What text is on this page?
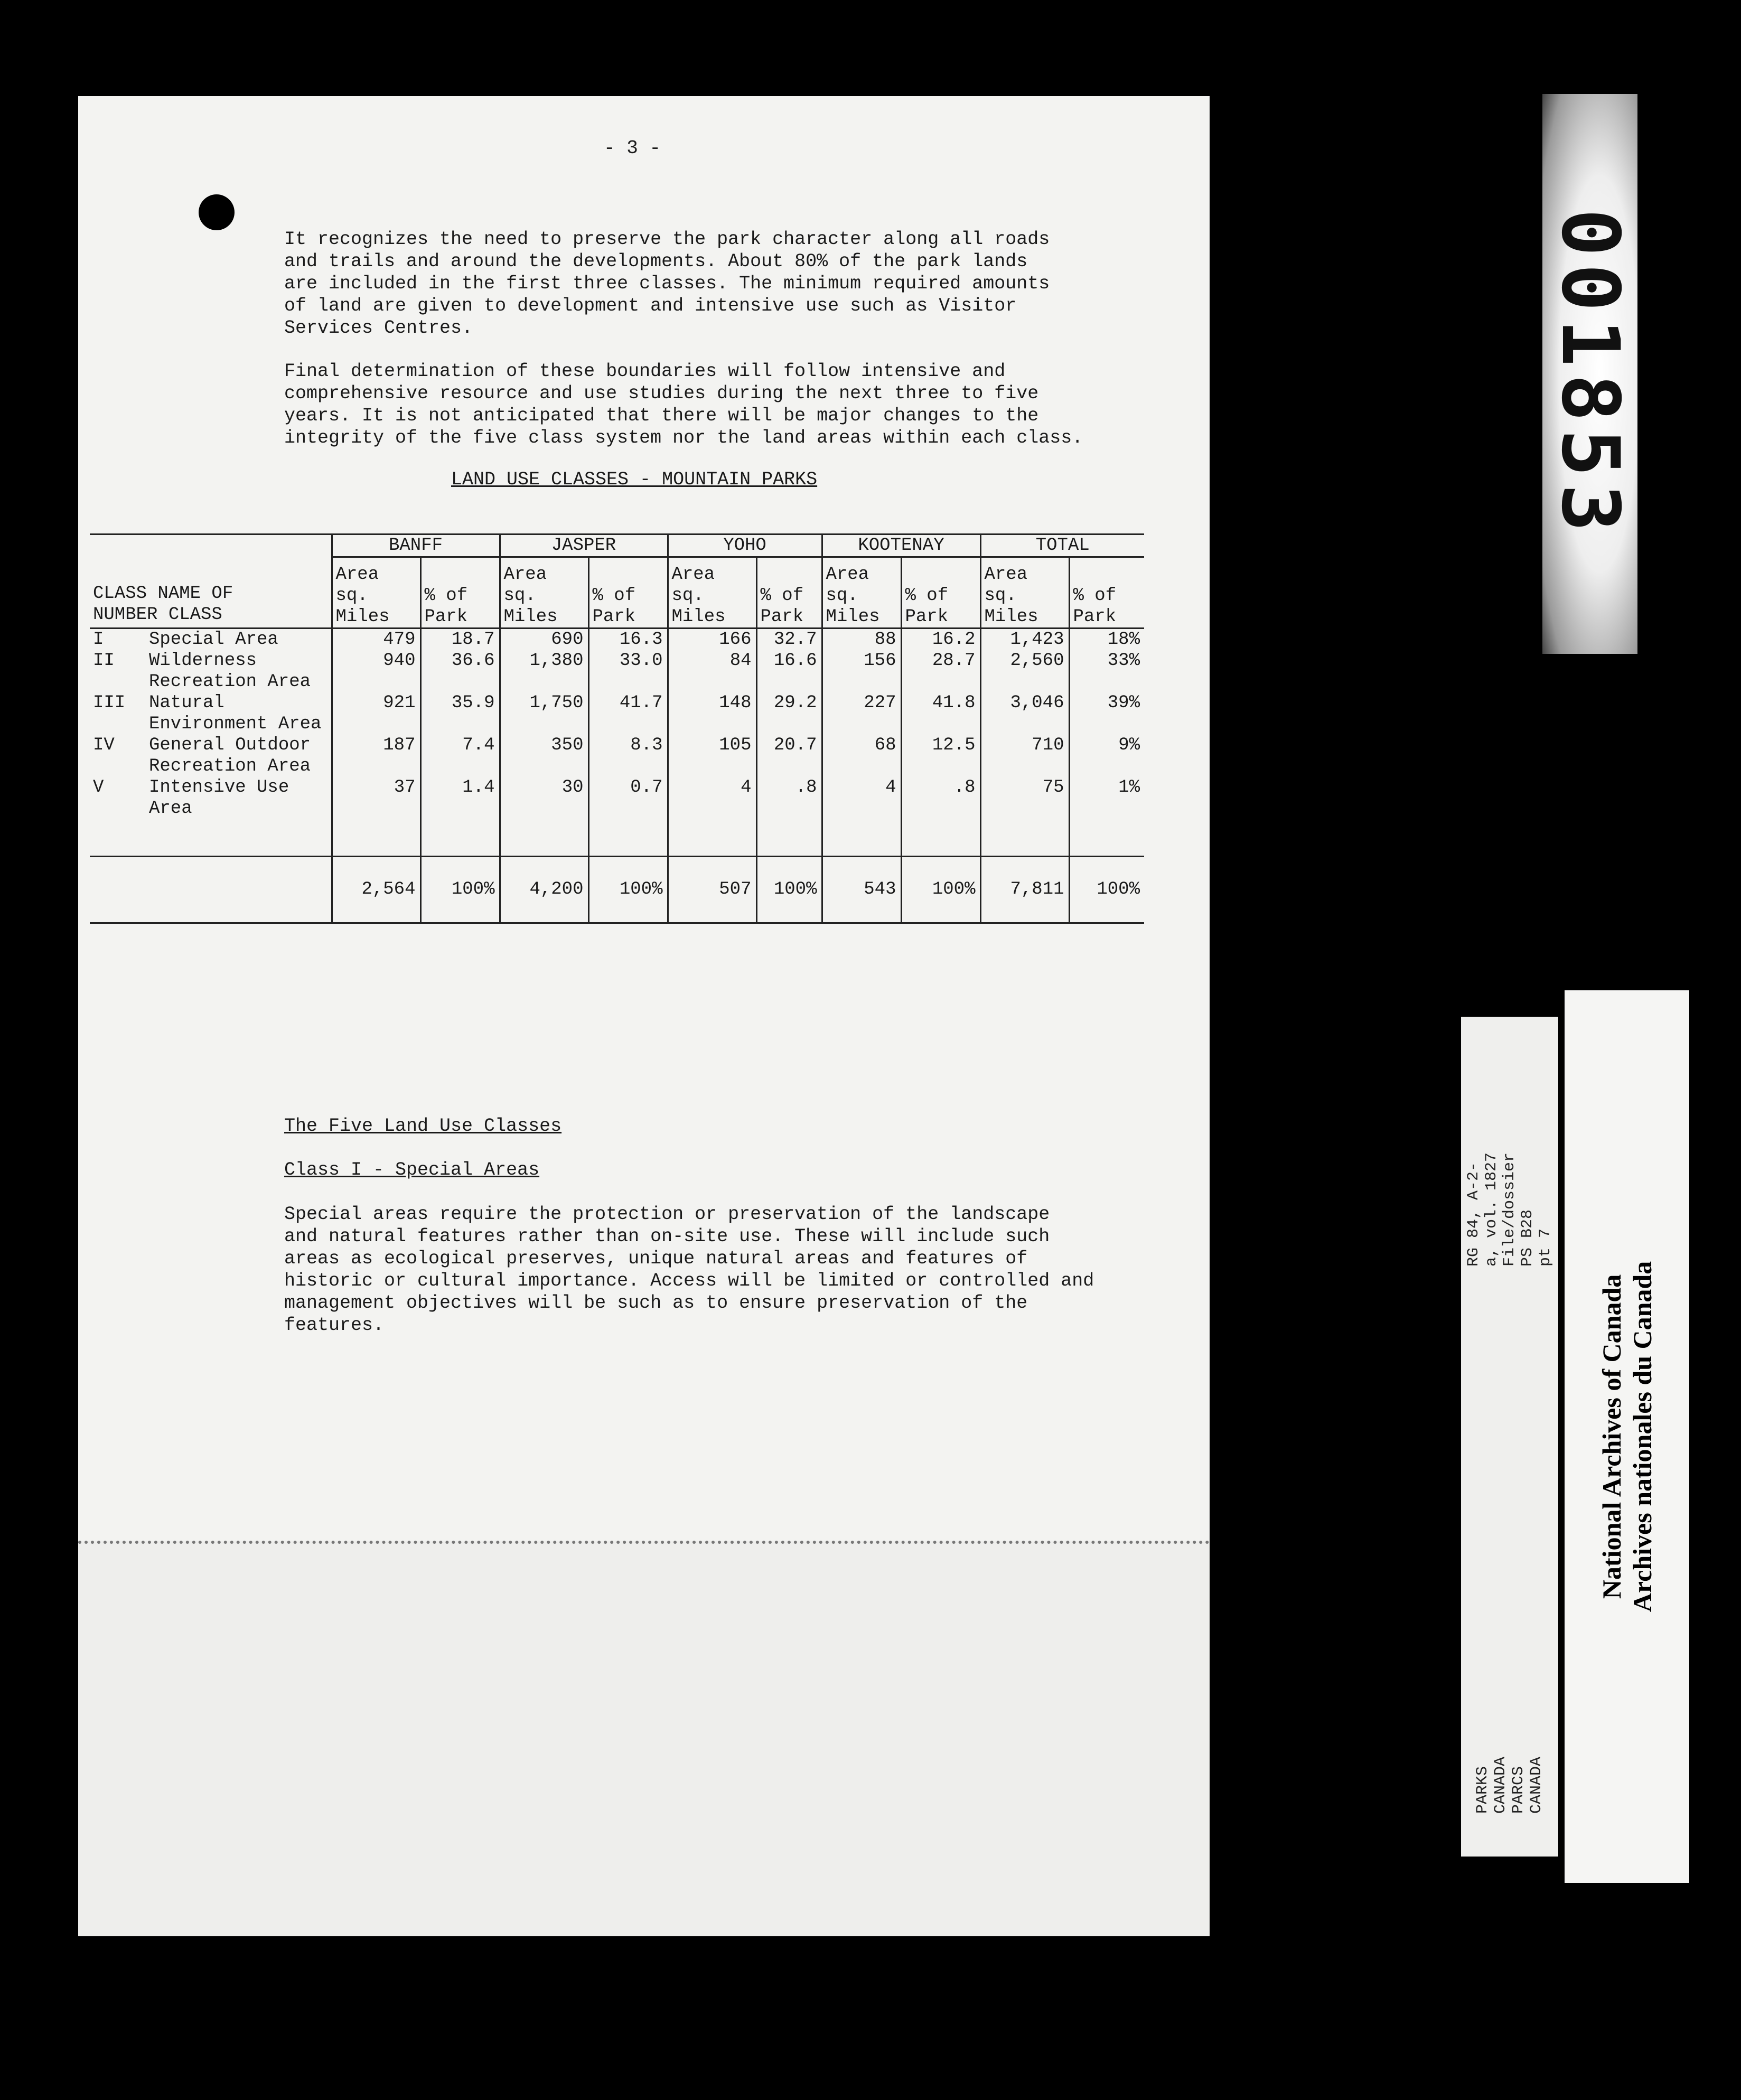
- 3 -

It recognizes the need to preserve the park character along all roads
and trails and around the developments. About 80% of the park lands
are included in the first three classes. The minimum required amounts
of land are given to development and intensive use such as Visitor
Services Centres.

Final determination of these boundaries will follow intensive and
comprehensive resource and use studies during the next three to five
years. It is not anticipated that there will be major changes to the
integrity of the five class system nor the land areas within each class.

LAND USE CLASSES - MOUNTAIN PARKS
	BANFF		JASPER		YOHO		KOOTENAY		TOTAL	
CLASS NAME OF
NUMBER CLASS	Area
sq.
Miles	% of
Park	Area
sq.
Miles	% of
Park	Area
sq.
Miles	% of
Park	Area
sq.
Miles	% of
Park	Area
sq.
Miles	% of
Park
I Special Area	479	18.7	690	16.3	166	32.7	88	16.2	1,423	18%
II Wilderness
Recreation Area	940	36.6	1,380	33.0	84	16.6	156	28.7	2,560	33%
III Natural
Environment Area	921	35.9	1,750	41.7	148	29.2	227	41.8	3,046	39%
IV General Outdoor
Recreation Area	187	7.4	350	8.3	105	20.7	68	12.5	710	9%
V Intensive Use
Area	37	1.4	30	0.7	4	.8	4	.8	75	1%
	2,564	100%	4,200	100%	507	100%	543	100%	7,811	100%
The Five Land Use Classes
Class I - Special Areas

Special areas require the protection or preservation of the landscape
and natural features rather than on-site use. These will include such
areas as ecological preserves, unique natural areas and features of
historic or cultural importance. Access will be limited or controlled and
management objectives will be such as to ensure preservation of the
features.

001853
RG 84, A-2-a, vol. 1827
File/dossier PS B28
pt 7
PARKS CANADA
PARCS CANADA
National Archives of Canada Archives nationales du Canada
